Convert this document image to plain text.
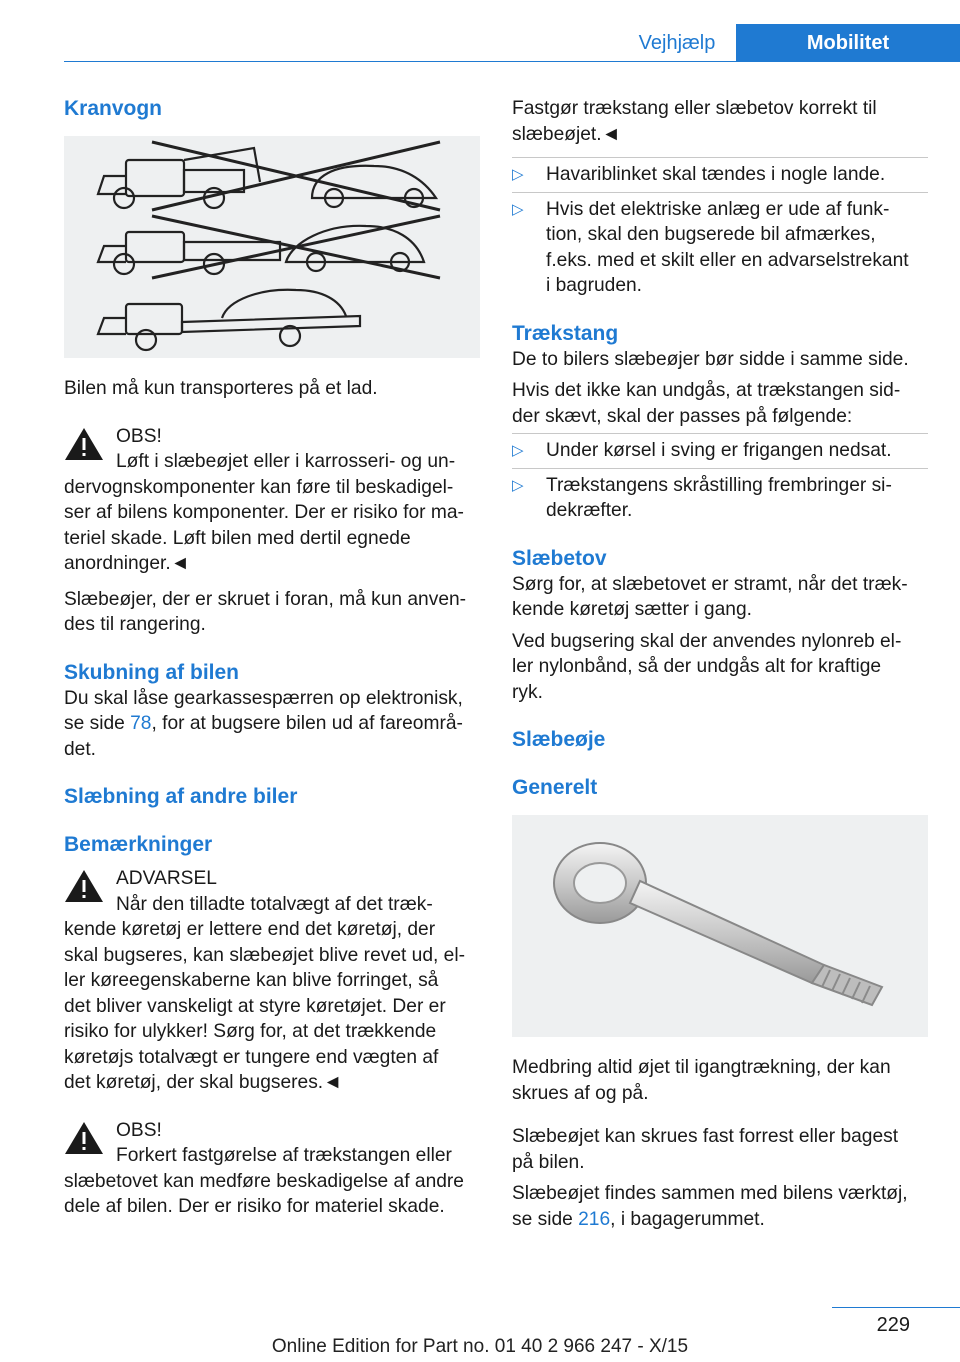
Vejhjælp	Mobilitet
Kranvogn

Bilen må kun transporteres på et lad.

OBS!

Løft i slæbeøjet eller i karrosseri- og un-

dervognskomponenter kan føre til beskadigel-

ser af bilens komponenter. Der er risiko for ma-

teriel skade. Løft bilen med dertil egnede

anordninger.◄

Slæbeøjer, der er skruet i foran, må kun anven-
des til rangering.

Skubning af bilen

Du skal låse gearkassespærren op elektronisk,
se side 78, for at bugsere bilen ud af fareområ-
det.

Slæbning af andre biler
Bemærkninger

ADVARSEL

Når den tilladte totalvægt af det træk-

kende køretøj er lettere end det køretøj, der

skal bugseres, kan slæbeøjet blive revet ud, el-

ler køreegenskaberne kan blive forringet, så

det bliver vanskeligt at styre køretøjet. Der er

risiko for ulykker! Sørg for, at det trækkende

køretøjs totalvægt er tungere end vægten af

det køretøj, der skal bugseres.◄

OBS!

Forkert fastgørelse af trækstangen eller

slæbetovet kan medføre beskadigelse af andre

dele af bilen. Der er risiko for materiel skade.

Fastgør trækstang eller slæbetov korrekt til
slæbeøjet.◄

▷ Havariblinket skal tændes i nogle lande.
▷ Hvis det elektriske anlæg er ude af funk-
tion, skal den bugserede bil afmærkes,
f.eks. med et skilt eller en advarselstrekant
i bagruden.
Trækstang

De to bilers slæbeøjer bør sidde i samme side.

Hvis det ikke kan undgås, at trækstangen sid-
der skævt, skal der passes på følgende:

▷ Under kørsel i sving er frigangen nedsat.
▷ Trækstangens skråstilling frembringer si-
dekræfter.
Slæbetov

Sørg for, at slæbetovet er stramt, når det træk-
kende køretøj sætter i gang.

Ved bugsering skal der anvendes nylonreb el-
ler nylonbånd, så der undgås alt for kraftige
ryk.

Slæbeøje
Generelt

Medbring altid øjet til igangtrækning, der kan
skrues af og på.

Slæbeøjet kan skrues fast forrest eller bagest
på bilen.

Slæbeøjet findes sammen med bilens værktøj,
se side 216, i bagagerummet.

229
Online Edition for Part no. 01 40 2 966 247 - X/15
